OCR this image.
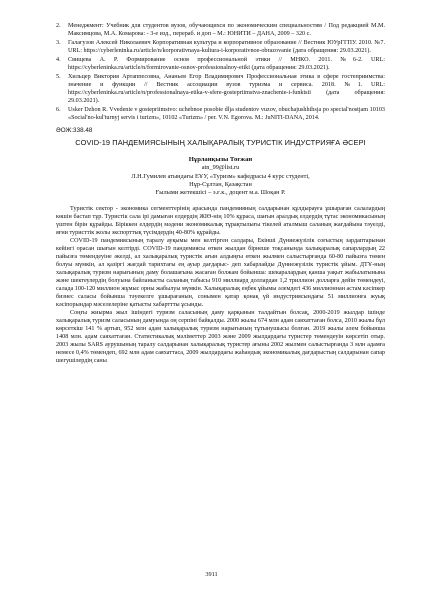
2. Менеджмент: Учебник для студентов вузов, обучающихся по экономическим специальностям / Под редакцией М.М. Максимцова, М.А. Комарова: - 3-е изд., перераб. и доп – М.: ЮНИТИ – ДАНА, 2009 – 320 с.
3. Галагузов Алексей Николаевич Корпоративная культура и корпоративное образование // Вестник ЮУрГГПУ. 2010. №7. URL: https://cyberleninka.ru/article/n/korporativnaya-kultura-i-korporativnoe-obrazovanie (дата обращения: 29.03.2021).
4. Свищева А. Р. Формирование основ профессиональной этики // МНКО. 2011. №6-2. URL: https://cyberleninka.ru/article/n/formirovanie-osnov-professionalnoy-etiki (дата обращения: 29.03.2021).
5. Хильцер Виктория Артаппесовна, Ананьев Егор Владимирович Профессиональная этика в сфере гостеприимства: значение и функции // Вестник ассоциации вузов туризма и сервиса. 2018. №1. URL: https://cyberleninka.ru/article/n/professionalnaya-etika-v-sfere-gostepriimstva-znachenie-i-funktsii (дата обращения: 29.03.2021).
6. Usker Dzhon R. Vvedenie v gostepriimstvo: uchebnoe posobie dlja studentov vuzov, obuchajushhihsja po special'nostjam 10103 «Social'no-kul'turnyj servis i turizm», 10102 «Turizm» / per. V.N. Egorova. M.: JuNITI-DANA, 2014.
ӘОЖ:338.48
COVID-19 ПАНДЕМИЯСЫНЫҢ ХАЛЫҚАРАЛЫҚ ТУРИСТІК ИНДУСТРИЯҒА ӘСЕРІ
Нұрланқызы Тоғжан
atn_99@list.ru
Л.Н.Гумилев атындағы ЕҰУ, «Туризм» кафедрасы 4 курс студенті,
Нұр-Сұлтан, Қазақстан
Ғылыми жетекшісі – э.ғ.к., доцент м.а. Шоқан Р.

Туристік сектор - экономика сегменттерінің арасында пандемияның салдарынан құлдырауға ұшыраған салалардың көшін бастап тұр. Туристік сала ірі дамыған елдердің ЖІӨ-нің 10% құраса, шағын аралдық елдердің тұтас экономикасының үштен бірін құрайды. Біріккен елдердің мәдени экономикалық тұрақтылығы тікелей аталмыш саланың жағдайына тәуелді, яғни туристтік жолы экспорттық түсімдердің 40-80% құрайды.

COVID-19 пандемиясының таралу ауқымы мен келтірген салдары, Екінші Дүниежүзілік соғыстың зардаптарынан кейінгі орасан шығын келтірді. COVID-19 пандемиясы өткен жылдан бірнеше тоқсанында халықаралық сапарлардың 22 пайызға төмендеуіне әкелді, ал халықаралық туристік ағын алдыңғы өткен жылмен салыстырғанда 60-80 пайызға төмен болуы мүмкін, ал қазіргі жағдай тарихтағы ең ауыр дағдарыс- деп хабарлайды Дүниежүзілік туристік ұйым. ДТҰ-ның халықаралық туризм нарығының даму болашағына жасаған болжам бойынша: шекаралардың қанша уақыт жабылатынына және шектеулердің болуына байланысты саланың табысы 910 миллиард доллардан 1,2 триллион долларға дейін төмендеуі, салада 100-120 миллион жұмыс орны жабылуы мүмкін. Халықаралық еңбек ұйымы әлемдегі 436 миллионнан астам кәсіпкер бизнес саласы бойынша тәуекелге ұшырағанын, сонымен қатар қонақ үй индустриясындағы 51 миллионға жуық кәсіпорындар мәселелеріне қатысты хабарттты ұсынды.

Соңғы жиырма жыл ішіндегі туризм саласының даму қарқынын талдайтын болсақ, 2000-2019 жылдар ішінде халықаралық туризм саласының дамуында оң серпіні байқалды. 2000 жылы 674 млн адам саяхаттаған болса, 2010 жылы бұл көрсеткіш 141 % артып, 952 млн адам халықаралық туризм нарығының тұтынушысы болған. 2019 жылы әлем бойынша 1408 млн. адам саяхаттаған. Статистикалық мәліметтер 2003 және 2009 жылдардағы туристер төмендеуін көрсетіп отыр. 2003 жылы SARS аурушының таралу салдарынан халықаралық туристер ағыны 2002 жылмен салыстырғанда 3 млн адамға немесе 0,4% төмендеп, 692 млн адам саяхаттаса, 2009 жылдардағы жаһандық экономикалық дағдарыстың салдарынан сапар шегушілердің саны

3911
